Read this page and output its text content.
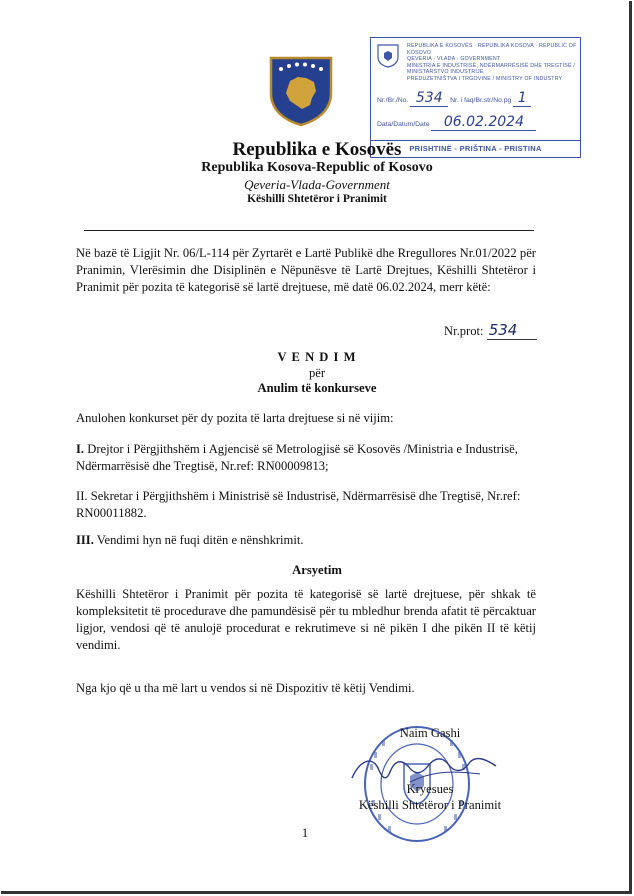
REPUBLIKA E KOSOVËS · REPUBLIKA KOSOVA · REPUBLIC OF KOSOVO
QEVERIA · VLADA · GOVERNMENT
MINISTRIA E INDUSTRISË, NDËRMARRËSISË DHE TREGTISË / MINISTARSTVO INDUSTRIJE
PREDUZETNIŠTVA I TRGOVINE / MINISTRY OF INDUSTRY
Nr./Br./No. 534 Nr. i faq/Br.str/No.pg 1
Data/Datum/Date 06.02.2024
PRISHTINË - PRIŠTINA - PRISTINA
Republika e Kosovës
Republika Kosova-Republic of Kosovo
Qeveria-Vlada-Government
Këshilli Shtetëror i Pranimit
Në bazë të Ligjit Nr. 06/L-114 për Zyrtarët e Lartë Publikë dhe Rregullores Nr.01/2022 për Pranimin, Vlerësimin dhe Disiplinën e Nëpunësve të Lartë Drejtues, Këshilli Shtetëror i Pranimit për pozita të kategorisë së lartë drejtuese, më datë 06.02.2024, merr këtë:
Nr.prot: 534
V E N D I M
për
Anulim të konkurseve
Anulohen konkurset për dy pozita të larta drejtuese si në vijim:
I. Drejtor i Përgjithshëm i Agjencisë së Metrologjisë së Kosovës /Ministria e Industrisë, Ndërmarrësisë dhe Tregtisë, Nr.ref: RN00009813;
II. Sekretar i Përgjithshëm i Ministrisë së Industrisë, Ndërmarrësisë dhe Tregtisë, Nr.ref: RN00011882.
III. Vendimi hyn në fuqi ditën e nënshkrimit.
Arsyetim
Këshilli Shtetëror i Pranimit për pozita të kategorisë së lartë drejtuese, për shkak të kompleksitetit të procedurave dhe pamundësisë për tu mbledhur brenda afatit të përcaktuar ligjor, vendosi që të anulojë procedurat e rekrutimeve si në pikën I dhe pikën II të këtij vendimi.
Nga kjo që u tha më lart u vendos si në Dispozitiv të këtij Vendimi.
Naim Gashi
Kryesues
Këshilli Shtetëror i Pranimit
1
